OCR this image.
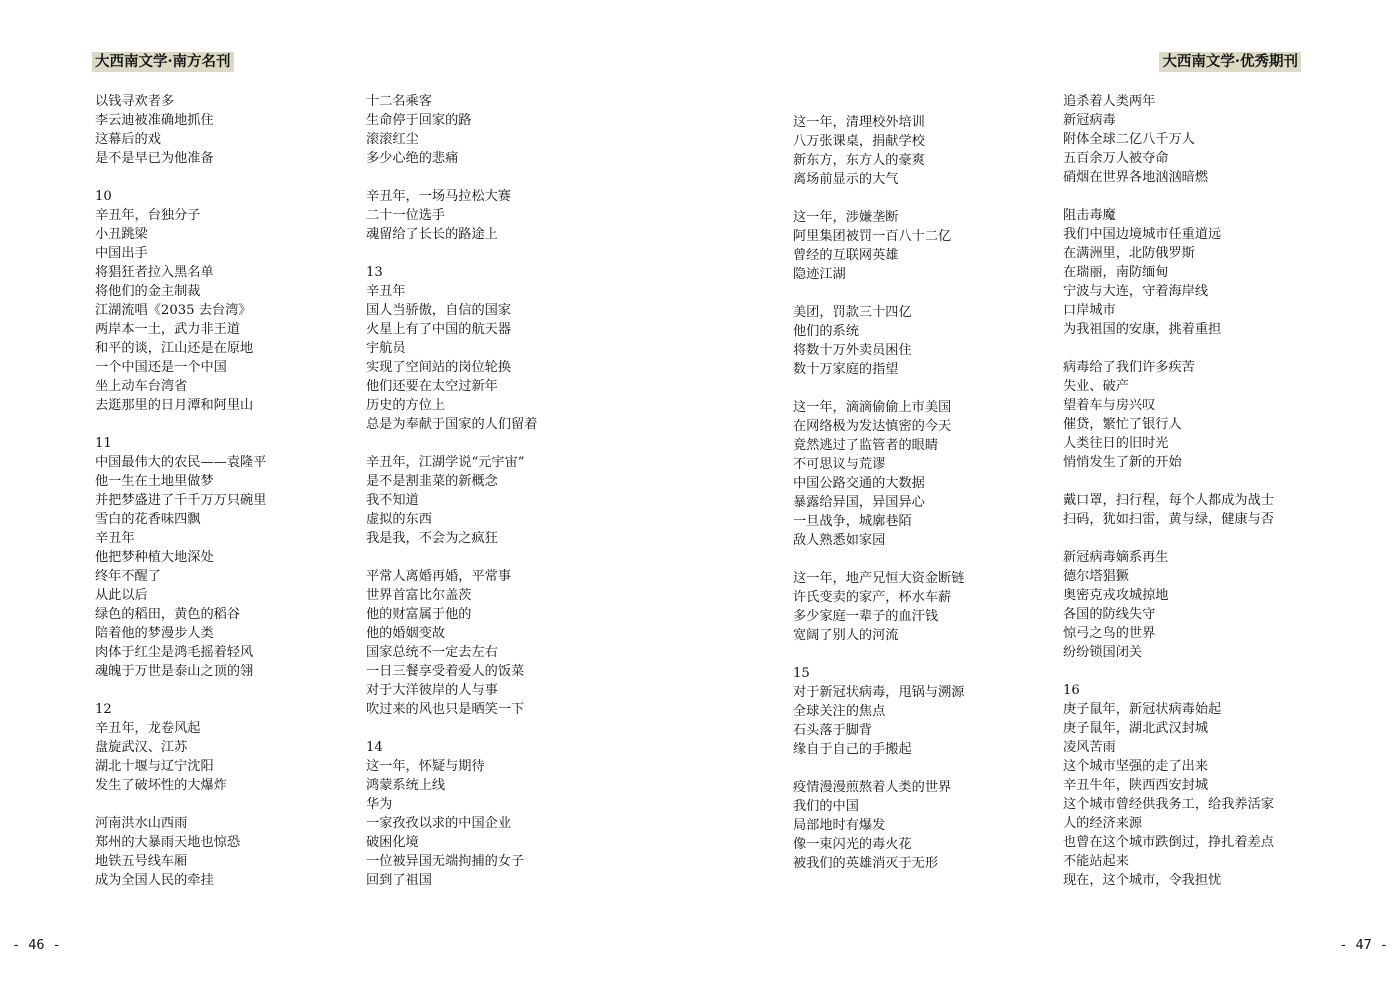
大西南文学·南方名刊	大西南文学·优秀期刊
以钱寻欢者多
李云迪被准确地抓住
这幕后的戏
是不是早已为他准备
10
辛丑年，台独分子
小丑跳梁
中国出手
将猖狂者拉入黑名单
将他们的金主制裁
江湖流唱《2035 去台湾》
两岸本一土，武力非王道
和平的谈，江山还是在原地
一个中国还是一个中国
坐上动车台湾省
去逛那里的日月潭和阿里山
11
中国最伟大的农民——袁隆平
他一生在土地里做梦
并把梦盛进了千千万万只碗里
雪白的花香味四飘
辛丑年
他把梦种植大地深处
终年不醒了
从此以后
绿色的稻田，黄色的稻谷
陪着他的梦漫步人类
肉体于红尘是鸿毛摇着轻风
魂魄于万世是泰山之顶的翎
12
辛丑年，龙卷风起
盘旋武汉、江苏
湖北十堰与辽宁沈阳
发生了破坏性的大爆炸
河南洪水山西雨
郑州的大暴雨天地也惊恐
地铁五号线车厢
成为全国人民的牵挂
十二名乘客
生命停于回家的路
滚滚红尘
多少心绝的悲痛
辛丑年，一场马拉松大赛
二十一位选手
魂留给了长长的路途上
13
辛丑年
国人当骄傲，自信的国家
火星上有了中国的航天器
宇航员
实现了空间站的岗位轮换
他们还要在太空过新年
历史的方位上
总是为奉献于国家的人们留着
辛丑年，江湖学说“元宇宙”
是不是割韭菜的新概念
我不知道
虚拟的东西
我是我，不会为之疯狂
平常人离婚再婚，平常事
世界首富比尔盖茨
他的财富属于他的
他的婚姻变故
国家总统不一定去左右
一日三餐享受着爱人的饭菜
对于大洋彼岸的人与事
吹过来的风也只是晒笑一下
14
这一年，怀疑与期待
鸿蒙系统上线
华为
一家孜孜以求的中国企业
破困化境
一位被异国无端拘捕的女子
回到了祖国
这一年，清理校外培训
八万张课桌，捐献学校
新东方，东方人的豪爽
离场前显示的大气
这一年，涉嫌垄断
阿里集团被罚一百八十二亿
曾经的互联网英雄
隐迹江湖
美团，罚款三十四亿
他们的系统
将数十万外卖员困住
数十万家庭的指望
这一年，滴滴偷偷上市美国
在网络极为发达慎密的今天
竟然逃过了监管者的眼睛
不可思议与荒谬
中国公路交通的大数据
暴露给异国，异国异心
一旦战争，城廓巷陌
敌人熟悉如家园
这一年，地产兄恒大资金断链
许氏变卖的家产，杯水车薪
多少家庭一辈子的血汗钱
宽阔了别人的河流
15
对于新冠状病毒，甩锅与溯源
全球关注的焦点
石头落于脚背
缘自于自己的手搬起
疫情漫漫煎熬着人类的世界
我们的中国
局部地时有爆发
像一束闪光的毒火花
被我们的英雄消灭于无形
追杀着人类两年
新冠病毒
附体全球二亿八千万人
五百余万人被夺命
硝烟在世界各地汹汹暗燃
阻击毒魔
我们中国边境城市任重道远
在满洲里，北防俄罗斯
在瑞丽，南防缅甸
宁波与大连，守着海岸线
口岸城市
为我祖国的安康，挑着重担
病毒给了我们许多疾苦
失业、破产
望着车与房兴叹
催贷，繁忙了银行人
人类往日的旧时光
悄悄发生了新的开始
戴口罩，扫行程，每个人都成为战士
扫码，犹如扫雷，黄与绿，健康与否
新冠病毒嫡系再生
德尔塔猖獗
奥密克戎攻城掠地
各国的防线失守
惊弓之鸟的世界
纷纷锁国闭关
16
庚子鼠年，新冠状病毒始起
庚子鼠年，湖北武汉封城
凌风苦雨
这个城市坚强的走了出来
辛丑牛年，陕西西安封城
这个城市曾经供我务工，给我养活家
人的经济来源
也曾在这个城市跌倒过，挣扎着差点
不能站起来
现在，这个城市，令我担忧
- 46 -	- 47 -
